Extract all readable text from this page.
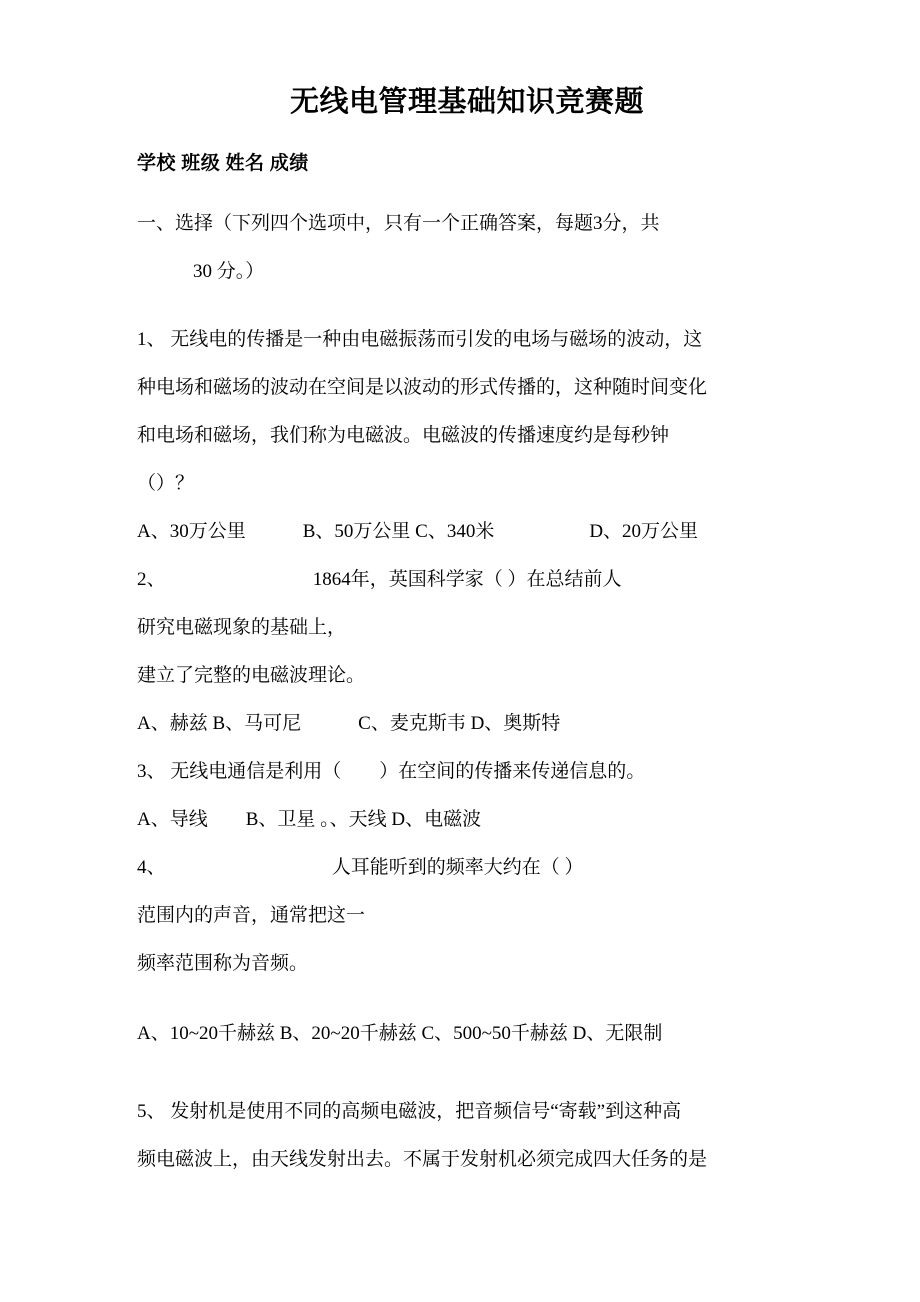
无线电管理基础知识竞赛题

学校 班级 姓名 成绩

一、选择（下列四个选项中，只有一个正确答案，每题3分，共
30 分。）

1、 无线电的传播是一种由电磁振荡而引发的电场与磁场的波动，这

种电场和磁场的波动在空间是以波动的形式传播的，这种随时间变化

和电场和磁场，我们称为电磁波。电磁波的传播速度约是每秒钟

（）？

A、30万公里　　　B、50万公里 C、340米　　　　　D、20万公里

2、                               1864年，英国科学家（ ）在总结前人

研究电磁现象的基础上，

建立了完整的电磁波理论。

A、赫兹 B、马可尼　　　C、麦克斯韦 D、奥斯特

3、 无线电通信是利用（　　）在空间的传播来传递信息的。

A、导线　　B、卫星 。、天线 D、电磁波

4、                                   人耳能听到的频率大约在（ ）

范围内的声音，通常把这一

频率范围称为音频。

A、10~20千赫兹 B、20~20千赫兹 C、500~50千赫兹 D、无限制

5、 发射机是使用不同的高频电磁波，把音频信号“寄载”到这种高

频电磁波上，由天线发射出去。不属于发射机必须完成四大任务的是
